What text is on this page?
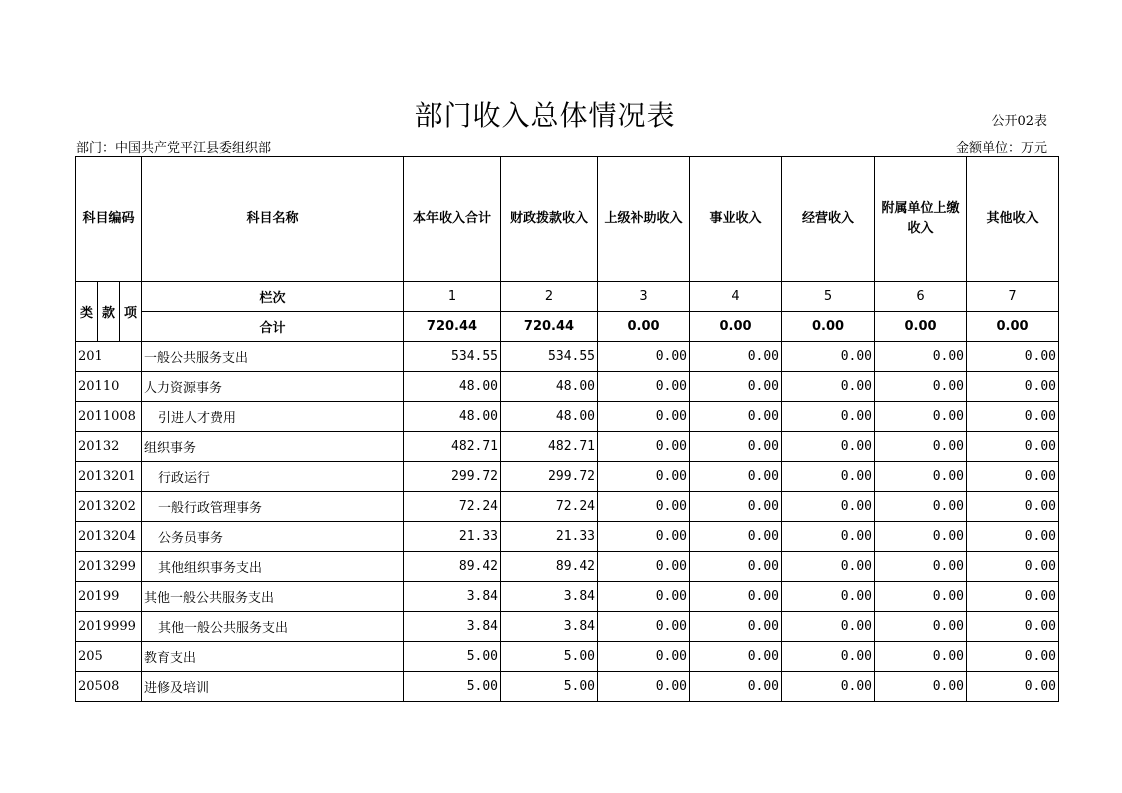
部门收入总体情况表	公开02表
部门：中国共产党平江县委组织部	金额单位：万元
科目编码			科目名称	本年收入合计	财政拨款收入	上级补助收入	事业收入	经营收入	附属单位上缴收入	其他收入
类	款	项	栏次	1	2	3	4	5	6	7
			合计	720.44	720.44	0.00	0.00	0.00	0.00	0.00
201			一般公共服务支出	534.55	534.55	0.00	0.00	0.00	0.00	0.00
20110			人力资源事务	48.00	48.00	0.00	0.00	0.00	0.00	0.00
2011008			引进人才费用	48.00	48.00	0.00	0.00	0.00	0.00	0.00
20132			组织事务	482.71	482.71	0.00	0.00	0.00	0.00	0.00
2013201			行政运行	299.72	299.72	0.00	0.00	0.00	0.00	0.00
2013202			一般行政管理事务	72.24	72.24	0.00	0.00	0.00	0.00	0.00
2013204			公务员事务	21.33	21.33	0.00	0.00	0.00	0.00	0.00
2013299			其他组织事务支出	89.42	89.42	0.00	0.00	0.00	0.00	0.00
20199			其他一般公共服务支出	3.84	3.84	0.00	0.00	0.00	0.00	0.00
2019999			其他一般公共服务支出	3.84	3.84	0.00	0.00	0.00	0.00	0.00
205			教育支出	5.00	5.00	0.00	0.00	0.00	0.00	0.00
20508			进修及培训	5.00	5.00	0.00	0.00	0.00	0.00	0.00
